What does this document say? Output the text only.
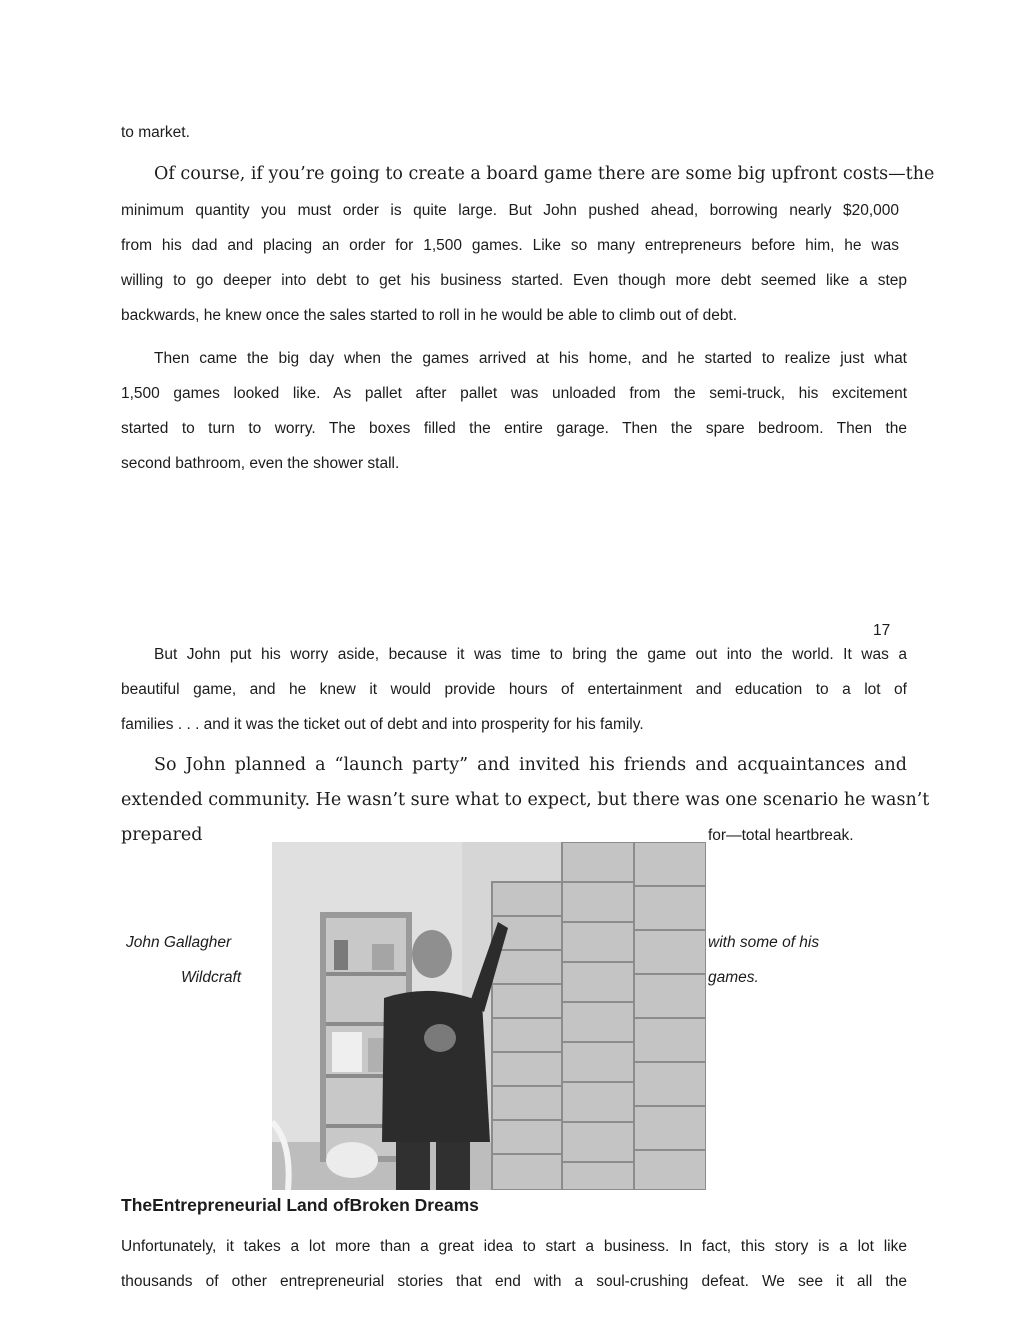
to market.

Of course, if you’re going to create a board game there are some big upfront costs—the

minimum quantity you must order is quite large. But John pushed ahead, borrowing nearly $20,000

from his dad and placing an order for 1,500 games. Like so many entrepreneurs before him, he was

willing to go deeper into debt to get his business started. Even though more debt seemed like a step

backwards, he knew once the sales started to roll in he would be able to climb out of debt.

Then came the big day when the games arrived at his home, and he started to realize just what

1,500 games looked like. As pallet after pallet was unloaded from the semi-truck, his excitement

started to turn to worry. The boxes filled the entire garage. Then the spare bedroom. Then the

second bathroom, even the shower stall.

17

But John put his worry aside, because it was time to bring the game out into the world. It was a

beautiful game, and he knew it would provide hours of entertainment and education to a lot of

families . . . and it was the ticket out of debt and into prosperity for his family.

So John planned a “launch party” and invited his friends and acquaintances and

extended community. He wasn’t sure what to expect, but there was one scenario he wasn’t

prepared	for—total heartbreak.

John Gallagher

Wildcraft

with some of his

games.

TheEntrepreneurial Land ofBroken Dreams

Unfortunately, it takes a lot more than a great idea to start a business. In fact, this story is a lot like

thousands of other entrepreneurial stories that end with a soul-crushing defeat. We see it all the
